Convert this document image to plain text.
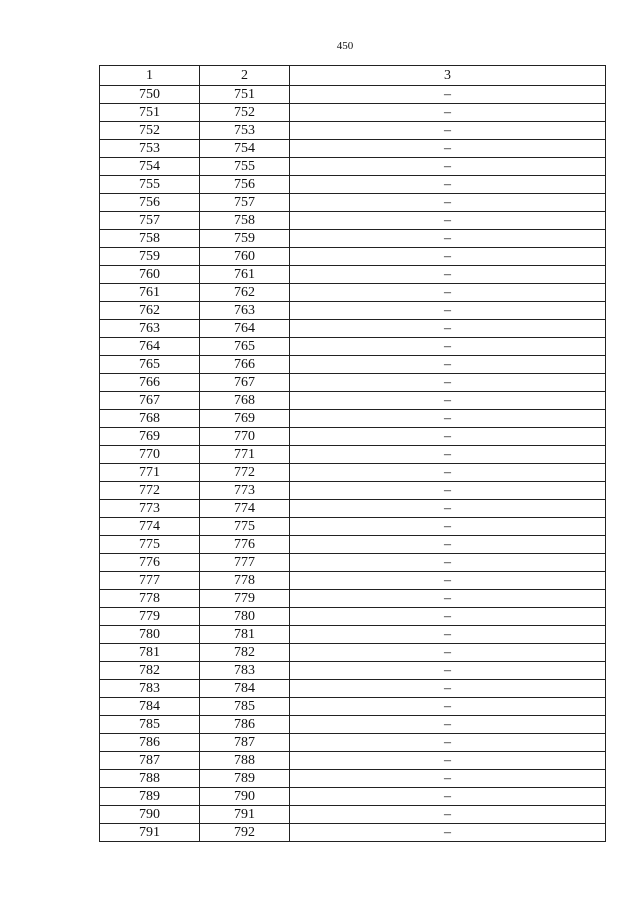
450
1	2	3
750	751	–
751	752	–
752	753	–
753	754	–
754	755	–
755	756	–
756	757	–
757	758	–
758	759	–
759	760	–
760	761	–
761	762	–
762	763	–
763	764	–
764	765	–
765	766	–
766	767	–
767	768	–
768	769	–
769	770	–
770	771	–
771	772	–
772	773	–
773	774	–
774	775	–
775	776	–
776	777	–
777	778	–
778	779	–
779	780	–
780	781	–
781	782	–
782	783	–
783	784	–
784	785	–
785	786	–
786	787	–
787	788	–
788	789	–
789	790	–
790	791	–
791	792	–
